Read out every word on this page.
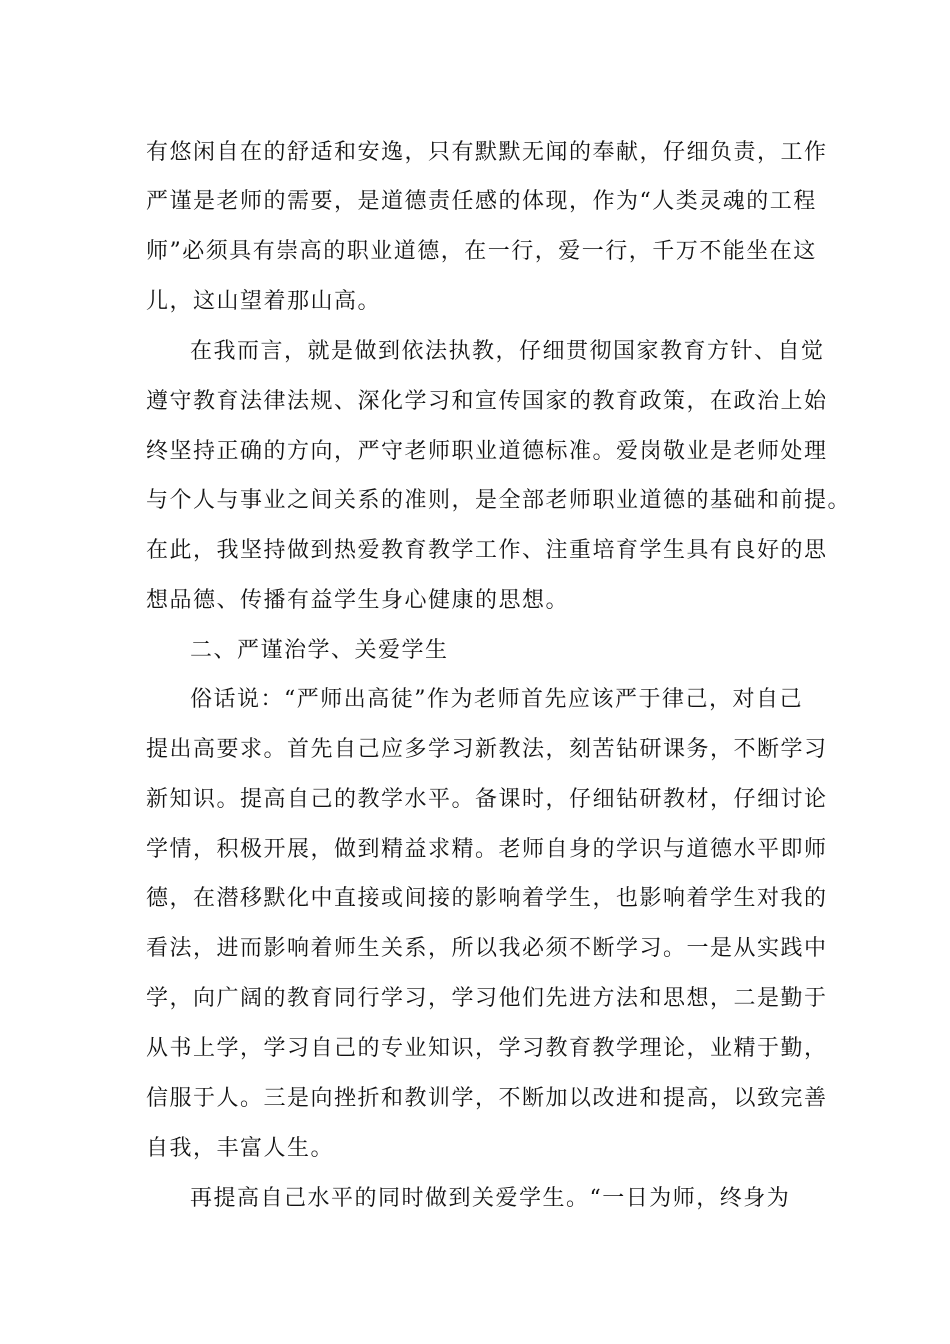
有悠闲自在的舒适和安逸，只有默默无闻的奉献，仔细负责，工作
严谨是老师的需要，是道德责任感的体现，作为“人类灵魂的工程
师”必须具有崇高的职业道德，在一行，爱一行，千万不能坐在这
儿，这山望着那山高。
在我而言，就是做到依法执教，仔细贯彻国家教育方针、自觉
遵守教育法律法规、深化学习和宣传国家的教育政策，在政治上始
终坚持正确的方向，严守老师职业道德标准。爱岗敬业是老师处理
与个人与事业之间关系的准则，是全部老师职业道德的基础和前提。
在此，我坚持做到热爱教育教学工作、注重培育学生具有良好的思
想品德、传播有益学生身心健康的思想。
二、严谨治学、关爱学生
俗话说：“严师出高徒”作为老师首先应该严于律己，对自己
提出高要求。首先自己应多学习新教法，刻苦钻研课务，不断学习
新知识。提高自己的教学水平。备课时，仔细钻研教材，仔细讨论
学情，积极开展，做到精益求精。老师自身的学识与道德水平即师
德，在潜移默化中直接或间接的影响着学生，也影响着学生对我的
看法，进而影响着师生关系，所以我必须不断学习。一是从实践中
学，向广阔的教育同行学习，学习他们先进方法和思想，二是勤于
从书上学，学习自己的专业知识，学习教育教学理论，业精于勤，
信服于人。三是向挫折和教训学，不断加以改进和提高，以致完善
自我，丰富人生。
再提高自己水平的同时做到关爱学生。“一日为师，终身为
